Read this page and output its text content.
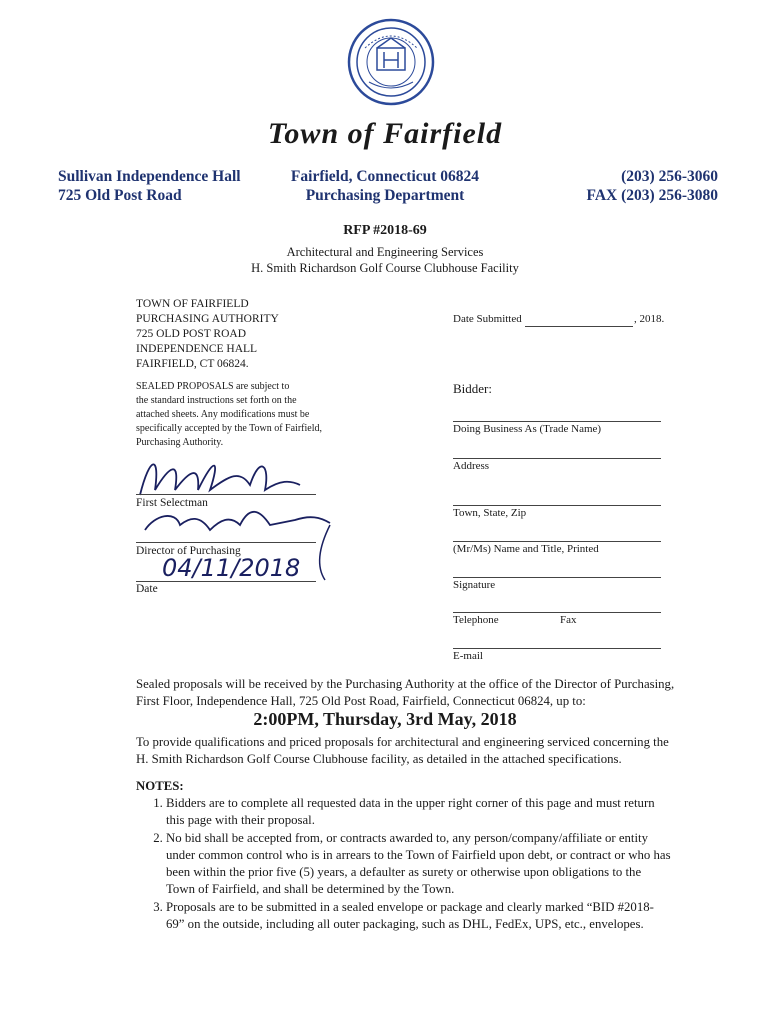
Town of Fairfield
Sullivan Independence Hall
725 Old Post Road
Fairfield, Connecticut 06824
Purchasing Department
(203) 256-3060
FAX (203) 256-3080
RFP #2018-69
Architectural and Engineering Services
H. Smith Richardson Golf Course Clubhouse Facility
TOWN OF FAIRFIELD
PURCHASING AUTHORITY
725 OLD POST ROAD
INDEPENDENCE HALL
FAIRFIELD, CT 06824.
SEALED PROPOSALS are subject to
the standard instructions set forth on the
attached sheets. Any modifications must be
specifically accepted by the Town of Fairfield,
Purchasing Authority.
First Selectman
Director of Purchasing
04/11/2018
Date
Date Submitted	, 2018.
Bidder:
Doing Business As (Trade Name)
Address
Town, State, Zip
(Mr/Ms) Name and Title, Printed
Signature
Telephone	Fax
E-mail
Sealed proposals will be received by the Purchasing Authority at the office of the Director of Purchasing,
First Floor, Independence Hall, 725 Old Post Road, Fairfield, Connecticut 06824, up to:
2:00PM, Thursday, 3rd May, 2018
To provide qualifications and priced proposals for architectural and engineering serviced concerning the
H. Smith Richardson Golf Course Clubhouse facility, as detailed in the attached specifications.
NOTES:
1. Bidders are to complete all requested data in the upper right corner of this page and must return this page with their proposal.
2. No bid shall be accepted from, or contracts awarded to, any person/company/affiliate or entity under common control who is in arrears to the Town of Fairfield upon debt, or contract or who has been within the prior five (5) years, a defaulter as surety or otherwise upon obligations to the Town of Fairfield, and shall be determined by the Town.
3. Proposals are to be submitted in a sealed envelope or package and clearly marked “BID #2018-69” on the outside, including all outer packaging, such as DHL, FedEx, UPS, etc., envelopes.
